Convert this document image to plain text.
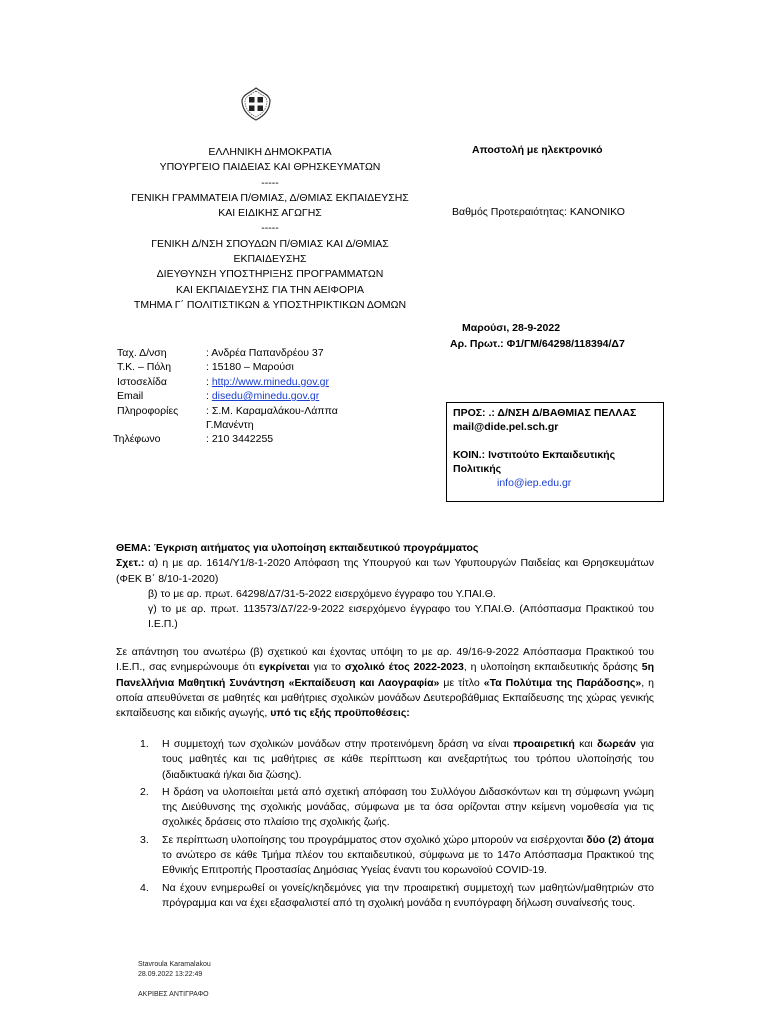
ΕΛΛΗΝΙΚΗ ΔΗΜΟΚΡΑΤΙΑ
ΥΠΟΥΡΓΕΙΟ ΠΑΙΔΕΙΑΣ ΚΑΙ ΘΡΗΣΚΕΥΜΑΤΩΝ
-----
ΓΕΝΙΚΗ ΓΡΑΜΜΑΤΕΙΑ Π/ΘΜΙΑΣ, Δ/ΘΜΙΑΣ ΕΚΠΑΙΔΕΥΣΗΣ
ΚΑΙ ΕΙΔΙΚΗΣ ΑΓΩΓΗΣ
-----
ΓΕΝΙΚΗ Δ/ΝΣΗ ΣΠΟΥΔΩΝ Π/ΘΜΙΑΣ ΚΑΙ Δ/ΘΜΙΑΣ
ΕΚΠΑΙΔΕΥΣΗΣ
ΔΙΕΥΘΥΝΣΗ ΥΠΟΣΤΗΡΙΞΗΣ ΠΡΟΓΡΑΜΜΑΤΩΝ
ΚΑΙ ΕΚΠΑΙΔΕΥΣΗΣ ΓΙΑ ΤΗΝ ΑΕΙΦΟΡΙΑ
ΤΜΗΜΑ Γ΄ ΠΟΛΙΤΙΣΤΙΚΩΝ & ΥΠΟΣΤΗΡΙΚΤΙΚΩΝ ΔΟΜΩΝ
Αποστολή με ηλεκτρονικό
Βαθμός Προτεραιότητας: ΚΑΝΟΝΙΚΟ
Μαρούσι, 28-9-2022
Αρ. Πρωτ.: Φ1/ΓΜ/64298/118394/Δ7
Ταχ. Δ/νση	: Ανδρέα Παπανδρέου 37
Τ.Κ. – Πόλη	: 15180 – Μαρούσι
Ιστοσελίδα	: http://www.minedu.gov.gr
Email	: disedu@minedu.gov.gr
Πληροφορίες	: Σ.Μ. Καραμαλάκου-Λάππα
Γ.Μανέντη
Τηλέφωνο	: 210 3442255
ΠΡΟΣ: .: Δ/ΝΣΗ Δ/ΒΑΘΜΙΑΣ ΠΕΛΛΑΣ
mail@dide.pel.sch.gr
ΚΟΙΝ.: Ινστιτούτο Εκπαιδευτικής
Πολιτικής
info@iep.edu.gr

ΘΕΜΑ: Έγκριση αιτήματος για υλοποίηση εκπαιδευτικού προγράμματος

Σχετ.: α) η με αρ. 1614/Υ1/8-1-2020 Απόφαση της Υπουργού και των Υφυπουργών Παιδείας και Θρησκευμάτων (ΦΕΚ Β΄ 8/10-1-2020)

β) το με αρ. πρωτ. 64298/Δ7/31-5-2022 εισερχόμενο έγγραφο του Υ.ΠΑΙ.Θ.

γ) το με αρ. πρωτ. 113573/Δ7/22-9-2022 εισερχόμενο έγγραφο του Υ.ΠΑΙ.Θ. (Απόσπασμα Πρακτικού του Ι.Ε.Π.)

Σε απάντηση του ανωτέρω (β) σχετικού και έχοντας υπόψη το με αρ. 49/16-9-2022 Απόσπασμα Πρακτικού του Ι.Ε.Π., σας ενημερώνουμε ότι εγκρίνεται για το σχολικό έτος 2022-2023, η υλοποίηση εκπαιδευτικής δράσης 5η Πανελλήνια Μαθητική Συνάντηση «Εκπαίδευση και Λαογραφία» με τίτλο «Τα Πολύτιμα της Παράδοσης», η οποία απευθύνεται σε μαθητές και μαθήτριες σχολικών μονάδων Δευτεροβάθμιας Εκπαίδευσης της χώρας γενικής εκπαίδευσης και ειδικής αγωγής, υπό τις εξής προϋποθέσεις:

1. Η συμμετοχή των σχολικών μονάδων στην προτεινόμενη δράση να είναι προαιρετική και δωρεάν για τους μαθητές και τις μαθήτριες σε κάθε περίπτωση και ανεξαρτήτως του τρόπου υλοποίησής του (διαδικτυακά ή/και δια ζώσης).
2. Η δράση να υλοποιείται μετά από σχετική απόφαση του Συλλόγου Διδασκόντων και τη σύμφωνη γνώμη της Διεύθυνσης της σχολικής μονάδας, σύμφωνα με τα όσα ορίζονται στην κείμενη νομοθεσία για τις σχολικές δράσεις στο πλαίσιο της σχολικής ζωής.
3. Σε περίπτωση υλοποίησης του προγράμματος στον σχολικό χώρο μπορούν να εισέρχονται δύο (2) άτομα το ανώτερο σε κάθε Τμήμα πλέον του εκπαιδευτικού, σύμφωνα με το 147ο Απόσπασμα Πρακτικού της Εθνικής Επιτροπής Προστασίας Δημόσιας Υγείας έναντι του κορωνοϊού COVID-19.
4. Να έχουν ενημερωθεί οι γονείς/κηδεμόνες για την προαιρετική συμμετοχή των μαθητών/μαθητριών στο πρόγραμμα και να έχει εξασφαλιστεί από τη σχολική μονάδα η ενυπόγραφη δήλωση συναίνεσής τους.
Stavroula Karamalakou
28.09.2022 13:22:49
ΑΚΡΙΒΕΣ ΑΝΤΙΓΡΑΦΟ
